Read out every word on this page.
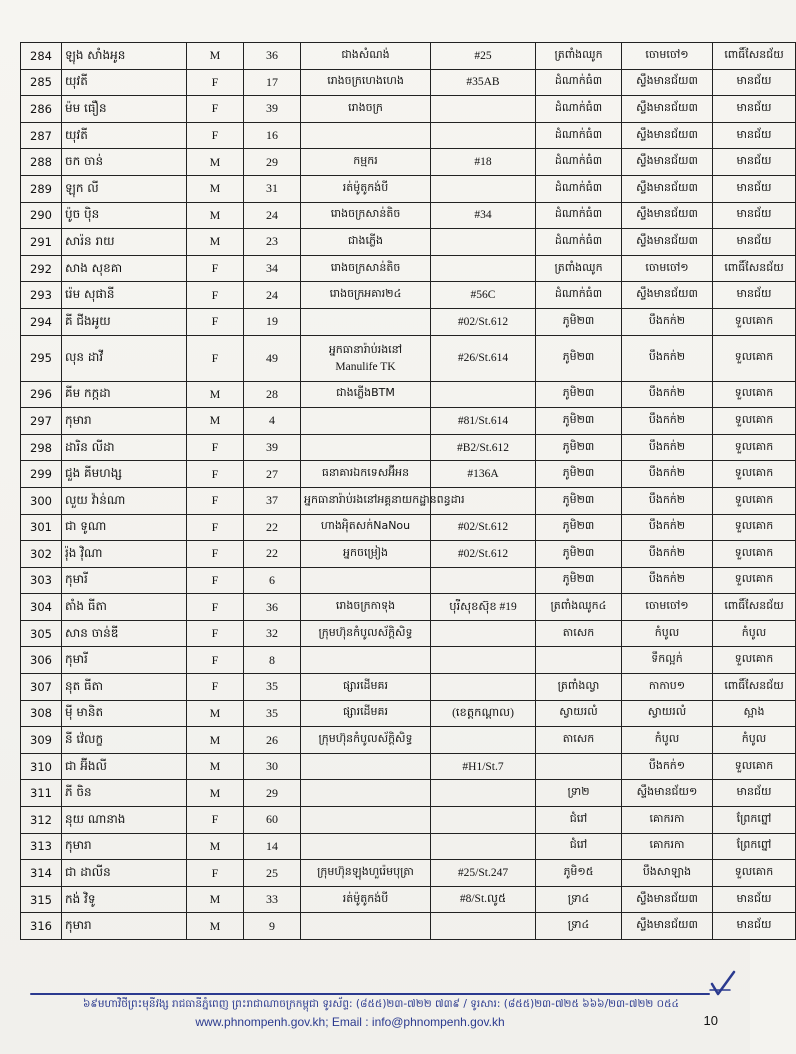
284	ឡុង សាំងអូន	M	36	ជាងសំណង់	#25	ត្រពាំងឈូក	ចោមចៅ១	ពោធិ៍សែនជ័យ
285	យុវតី	F	17	រោងចក្រហេងហេង	#35AB	ដំណាក់ធំ៣	ស្ទឹងមានជ័យ៣	មានជ័យ
286	ម៉ម ធឿន	F	39	រោងចក្រ		ដំណាក់ធំ៣	ស្ទឹងមានជ័យ៣	មានជ័យ
287	យុវតី	F	16			ដំណាក់ធំ៣	ស្ទឹងមានជ័យ៣	មានជ័យ
288	ចក ចាន់	M	29	កម្មករ	#18	ដំណាក់ធំ៣	ស្ទឹងមានជ័យ៣	មានជ័យ
289	ឡុក លី	M	31	រត់ម៉ូតូកង់បី		ដំណាក់ធំ៣	ស្ទឹងមានជ័យ៣	មានជ័យ
290	ប៉ូច ប៉ិន	M	24	រោងចក្រសាន់តិច	#34	ដំណាក់ធំ៣	ស្ទឹងមានជ័យ៣	មានជ័យ
291	សារ៉ន រាយ	M	23	ជាងភ្លើង		ដំណាក់ធំ៣	ស្ទឹងមានជ័យ៣	មានជ័យ
292	សាង សុខគា	F	34	រោងចក្រសាន់តិច		ត្រពាំងឈូក	ចោមចៅ១	ពោធិ៍សែនជ័យ
293	រ៉េម សុផានី	F	24	រោងចក្រអគារ២៤	#56C	ដំណាក់ធំ៣	ស្ទឹងមានជ័យ៣	មានជ័យ
294	គី ជីងអូយ	F	19		#02/St.612	ភូមិ២៣	បឹងកក់២	ទួលគោក
295	លុន ដាវី	F	49	អ្នកធានារ៉ាប់រងនៅ
Manulife TK	#26/St.614	ភូមិ២៣	បឹងកក់២	ទួលគោក
296	គីម កក្កដា	M	28	ជាងភ្លើងBTM		ភូមិ២៣	បឹងកក់២	ទួលគោក
297	កុមារា	M	4		#81/St.614	ភូមិ២៣	បឹងកក់២	ទួលគោក
298	ដារិន លីដា	F	39		#B2/St.612	ភូមិ២៣	បឹងកក់២	ទួលគោក
299	ជួង គីមហង្ស	F	27	ធនាគារឯកទេសអ៊ីអន	#136A	ភូមិ២៣	បឹងកក់២	ទួលគោក
300	លួយ វ៉ាន់ណា	F	37	អ្នកធានារ៉ាប់រងនៅអគ្គនាយកដ្ឋានពន្ធដារ		ភូមិ២៣	បឹងកក់២	ទួលគោក
301	ជា ទូណា	F	22	ហាងអុិតសក់NaNou	#02/St.612	ភូមិ២៣	បឹងកក់២	ទួលគោក
302	រ៉ុង វ៉ិណា	F	22	អ្នកចម្រៀង	#02/St.612	ភូមិ២៣	បឹងកក់២	ទួលគោក
303	កុមារី	F	6			ភូមិ២៣	បឹងកក់២	ទួលគោក
304	តាំង ធីតា	F	36	រោងចក្រកាទុង	បុរីសុខស៊ុខ #19	ត្រពាំងឈូក៤	ចោមចៅ១	ពោធិ៍សែនជ័យ
305	សាន ចាន់ឌី	F	32	ក្រុមហ៊ុនកំបូលស័ក្ដិសិទ្ធ		តាសេក	កំបូល	កំបូល
306	កុមារី	F	8				ទឹកល្អក់	ទួលគោក
307	នុត ធីតា	F	35	ផ្សារដើមគរ		ត្រពាំងល្វា	កាកាប១	ពោធិ៍សែនជ័យ
308	ម៉ី មានិត	M	35	ផ្សារដើមគរ	(ខេត្តកណ្ដាល)	ស្វាយរលំ	ស្វាយរលំ	ស្អាង
309	នី វ៉េលក្ខ	M	26	ក្រុមហ៊ុនកំបូលស័ក្ដិសិទ្ធ		តាសេក	កំបូល	កំបូល
310	ជា អ៊ីងលី	M	30		#H1/St.7		បឹងកក់១	ទួលគោក
311	ភី ចិន	M	29			ទ្រា២	ស្ទឹងមានជ័យ១	មានជ័យ
312	នុយ ណានាង	F	60			ជំរៅ	គោករកា	ព្រែកព្នៅ
313	កុមារា	M	14			ជំរៅ	គោករកា	ព្រែកព្នៅ
314	ជា ដាលីន	F	25	ក្រុមហ៊ុនឡុងហួរ៉េមបុត្រា	#25/St.247	ភូមិ១៥	បឹងសាឡាង	ទួលគោក
315	កង់ វិទូ	M	33	រត់ម៉ូតូកង់បី	#8/St.លូ៥	ទ្រា៤	ស្ទឹងមានជ័យ៣	មានជ័យ
316	កុមារា	M	9			ទ្រា៤	ស្ទឹងមានជ័យ៣	មានជ័យ
៦៩មហាវិថីព្រះមុនីវង្ស រាជធានីភ្នំពេញ ព្រះរាជាណាចក្រកម្ពុជា ទូរស័ព្ទ: (៨៥៥)២៣-៧២២ ៧៣៩ / ទូរសារ: (៨៥៥)២៣-៧២៥ ៦៦៦/២៣-៧២២ ០៥៤
www.phnompenh.gov.kh; Email : info@phnompenh.gov.kh	10
